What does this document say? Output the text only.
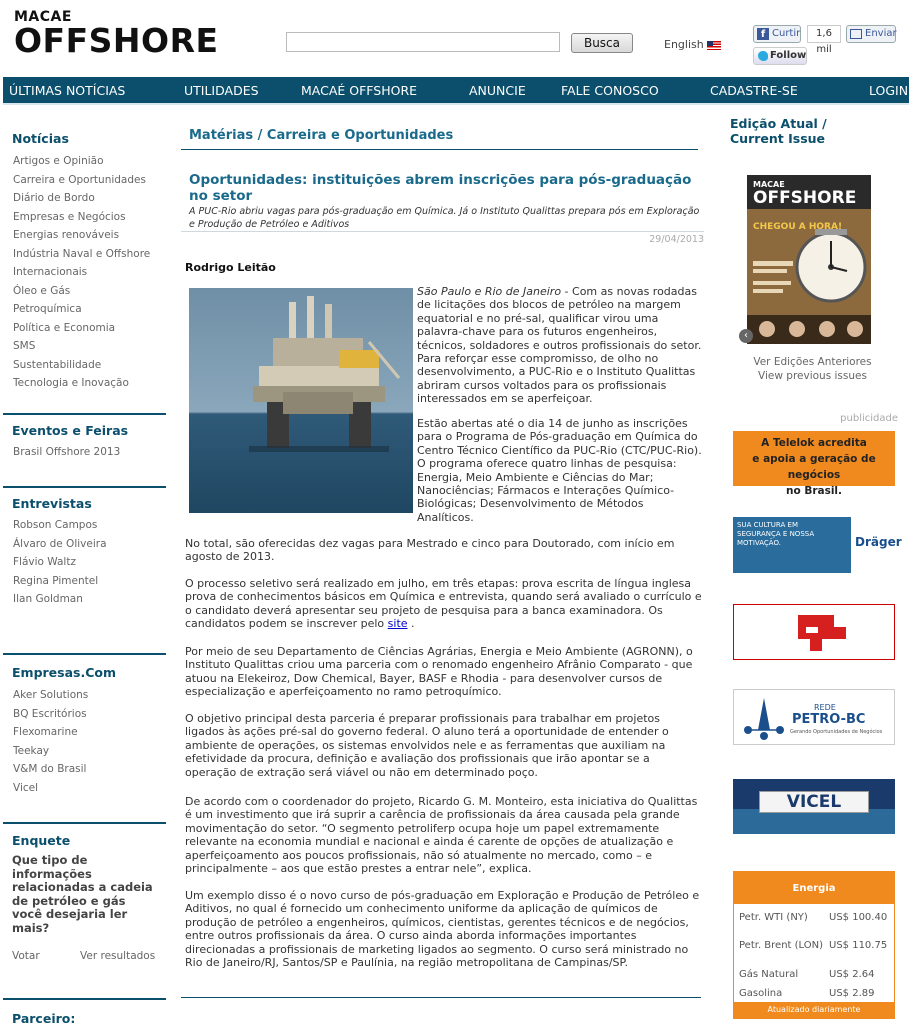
MACAE
OFFSHORE	Busca	English
f Curtir	1,6 mil
Enviar
Follow
ÚLTIMAS NOTÍCIAS	UTILIDADES	MACAÉ OFFSHORE	ANUNCIE	FALE CONOSCO	CADASTRE-SE	LOGIN
Notícias
Artigos e Opinião
Carreira e Oportunidades
Diário de Bordo
Empresas e Negócios
Energias renováveis
Indústria Naval e Offshore
Internacionais
Óleo e Gás
Petroquímica
Política e Economia
SMS
Sustentabilidade
Tecnologia e Inovação
Eventos e Feiras
Brasil Offshore 2013
Entrevistas
Robson Campos
Álvaro de Oliveira
Flávio Waltz
Regina Pimentel
Ilan Goldman
Empresas.Com
Aker Solutions
BQ Escritórios
Flexomarine
Teekay
V&M do Brasil
Vicel
Enquete
Que tipo de informações relacionadas a cadeia de petróleo e gás você desejaria ler mais?
Votar	Ver resultados
Parceiro:
Matérias / Carreira e Oportunidades
Oportunidades: instituições abrem inscrições para pós-graduação no setor
A PUC-Rio abriu vagas para pós-graduação em Química. Já o Instituto Qualittas prepara pós em Exploração e Produção de Petróleo e Aditivos
29/04/2013
Rodrigo Leitão
São Paulo e Rio de Janeiro - Com as novas rodadas de licitações dos blocos de petróleo na margem equatorial e no pré-sal, qualificar virou uma palavra-chave para os futuros engenheiros, técnicos, soldadores e outros profissionais do setor. Para reforçar esse compromisso, de olho no desenvolvimento, a PUC-Rio e o Instituto Qualittas abriram cursos voltados para os profissionais interessados em se aperfeiçoar.
Estão abertas até o dia 14 de junho as inscrições para o Programa de Pós-graduação em Química do Centro Técnico Científico da PUC-Rio (CTC/PUC-Rio). O programa oferece quatro linhas de pesquisa: Energia, Meio Ambiente e Ciências do Mar; Nanociências; Fármacos e Interações Químico-Biológicas; Desenvolvimento de Métodos Analíticos.
No total, são oferecidas dez vagas para Mestrado e cinco para Doutorado, com início em agosto de 2013.
O processo seletivo será realizado em julho, em três etapas: prova escrita de língua inglesa prova de conhecimentos básicos em Química e entrevista, quando será avaliado o currículo e o candidato deverá apresentar seu projeto de pesquisa para a banca examinadora. Os candidatos podem se inscrever pelo site .
Por meio de seu Departamento de Ciências Agrárias, Energia e Meio Ambiente (AGRONN), o Instituto Qualittas criou uma parceria com o renomado engenheiro Afrânio Comparato - que atuou na Elekeiroz, Dow Chemical, Bayer, BASF e Rhodia - para desenvolver cursos de especialização e aperfeiçoamento no ramo petroquímico.
O objetivo principal desta parceria é preparar profissionais para trabalhar em projetos ligados às ações pré-sal do governo federal. O aluno terá a oportunidade de entender o ambiente de operações, os sistemas envolvidos nele e as ferramentas que auxiliam na efetividade da procura, definição e avaliação dos profissionais que irão apontar se a operação de extração será viável ou não em determinado poço.
De acordo com o coordenador do projeto, Ricardo G. M. Monteiro, esta iniciativa do Qualittas é um investimento que irá suprir a carência de profissionais da área causada pela grande movimentação do setor. “O segmento petroliferp ocupa hoje um papel extremamente relevante na economia mundial e nacional e ainda é carente de opções de atualização e aperfeiçoamento aos poucos profissionais, não só atualmente no mercado, como – e principalmente – aos que estão prestes a entrar nele”, explica.
Um exemplo disso é o novo curso de pós-graduação em Exploração e Produção de Petróleo e Aditivos, no qual é fornecido um conhecimento uniforme da aplicação de químicos de produção de petróleo a engenheiros, químicos, cientistas, gerentes técnicos e de negócios, entre outros profissionais da área. O curso ainda aborda informações importantes direcionadas a profissionais de marketing ligados ao segmento. O curso será ministrado no Rio de Janeiro/RJ, Santos/SP e Paulínia, na região metropolitana de Campinas/SP.
Edição Atual /
Current Issue
MACAE
OFFSHORE
CHEGOU A HORA!
‹
Ver Edições Anteriores
View previous issues
publicidade
A Telelok acredita
e apoia a geração de negócios
no Brasil.
SUA CULTURA EM SEGURANÇA E NOSSA MOTIVAÇÃO.	Dräger
REDE
PETRO-BC
Gerando Oportunidades de Negócios
VICEL
Energia
Petr. WTI (NY)	US$ 100.40
Petr. Brent (LON) US$ 110.75
Gás Natural	US$ 2.64
Gasolina	US$ 2.89
Atualizado diariamente
